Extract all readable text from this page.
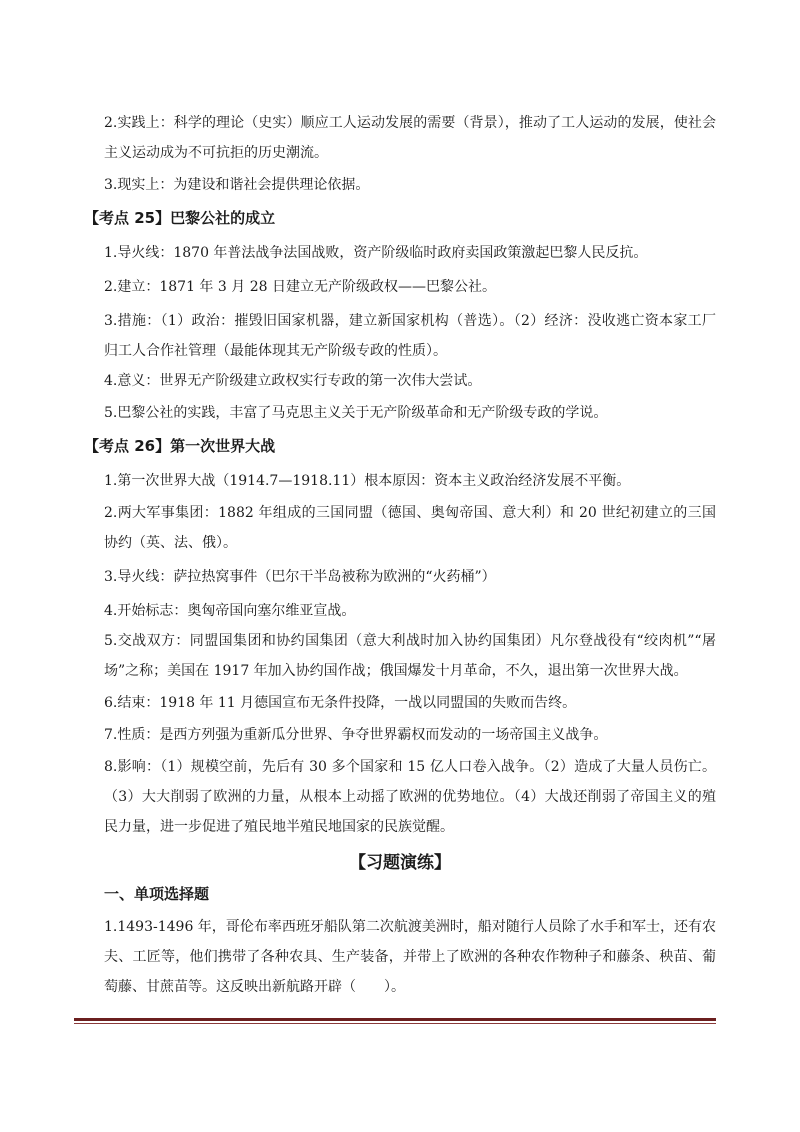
2.实践上：科学的理论（史实）顺应工人运动发展的需要（背景），推动了工人运动的发展，使社会主义运动成为不可抗拒的历史潮流。

3.现实上：为建设和谐社会提供理论依据。

【考点 25】巴黎公社的成立

1.导火线：1870 年普法战争法国战败，资产阶级临时政府卖国政策激起巴黎人民反抗。

2.建立：1871 年 3 月 28 日建立无产阶级政权——巴黎公社。

3.措施：（1）政治：摧毁旧国家机器，建立新国家机构（普选）。（2）经济：没收逃亡资本家工厂归工人合作社管理（最能体现其无产阶级专政的性质）。

4.意义：世界无产阶级建立政权实行专政的第一次伟大尝试。

5.巴黎公社的实践，丰富了马克思主义关于无产阶级革命和无产阶级专政的学说。

【考点 26】第一次世界大战

1.第一次世界大战（1914.7—1918.11）根本原因：资本主义政治经济发展不平衡。

2.两大军事集团：1882 年组成的三国同盟（德国、奥匈帝国、意大利）和 20 世纪初建立的三国协约（英、法、俄）。

3.导火线：萨拉热窝事件（巴尔干半岛被称为欧洲的“火药桶”）

4.开始标志：奥匈帝国向塞尔维亚宣战。

5.交战双方：同盟国集团和协约国集团（意大利战时加入协约国集团）凡尔登战役有“绞肉机”“屠场”之称；美国在 1917 年加入协约国作战；俄国爆发十月革命，不久，退出第一次世界大战。

6.结束：1918 年 11 月德国宣布无条件投降，一战以同盟国的失败而告终。

7.性质：是西方列强为重新瓜分世界、争夺世界霸权而发动的一场帝国主义战争。

8.影响：（1）规模空前，先后有 30 多个国家和 15 亿人口卷入战争。（2）造成了大量人员伤亡。（3）大大削弱了欧洲的力量，从根本上动摇了欧洲的优势地位。（4）大战还削弱了帝国主义的殖民力量，进一步促进了殖民地半殖民地国家的民族觉醒。

【习题演练】

一、单项选择题

1.1493-1496 年，哥伦布率西班牙船队第二次航渡美洲时，船对随行人员除了水手和军士，还有农夫、工匠等，他们携带了各种农具、生产装备，并带上了欧洲的各种农作物种子和藤条、秧苗、葡萄藤、甘蔗苗等。这反映出新航路开辟（　　）。
